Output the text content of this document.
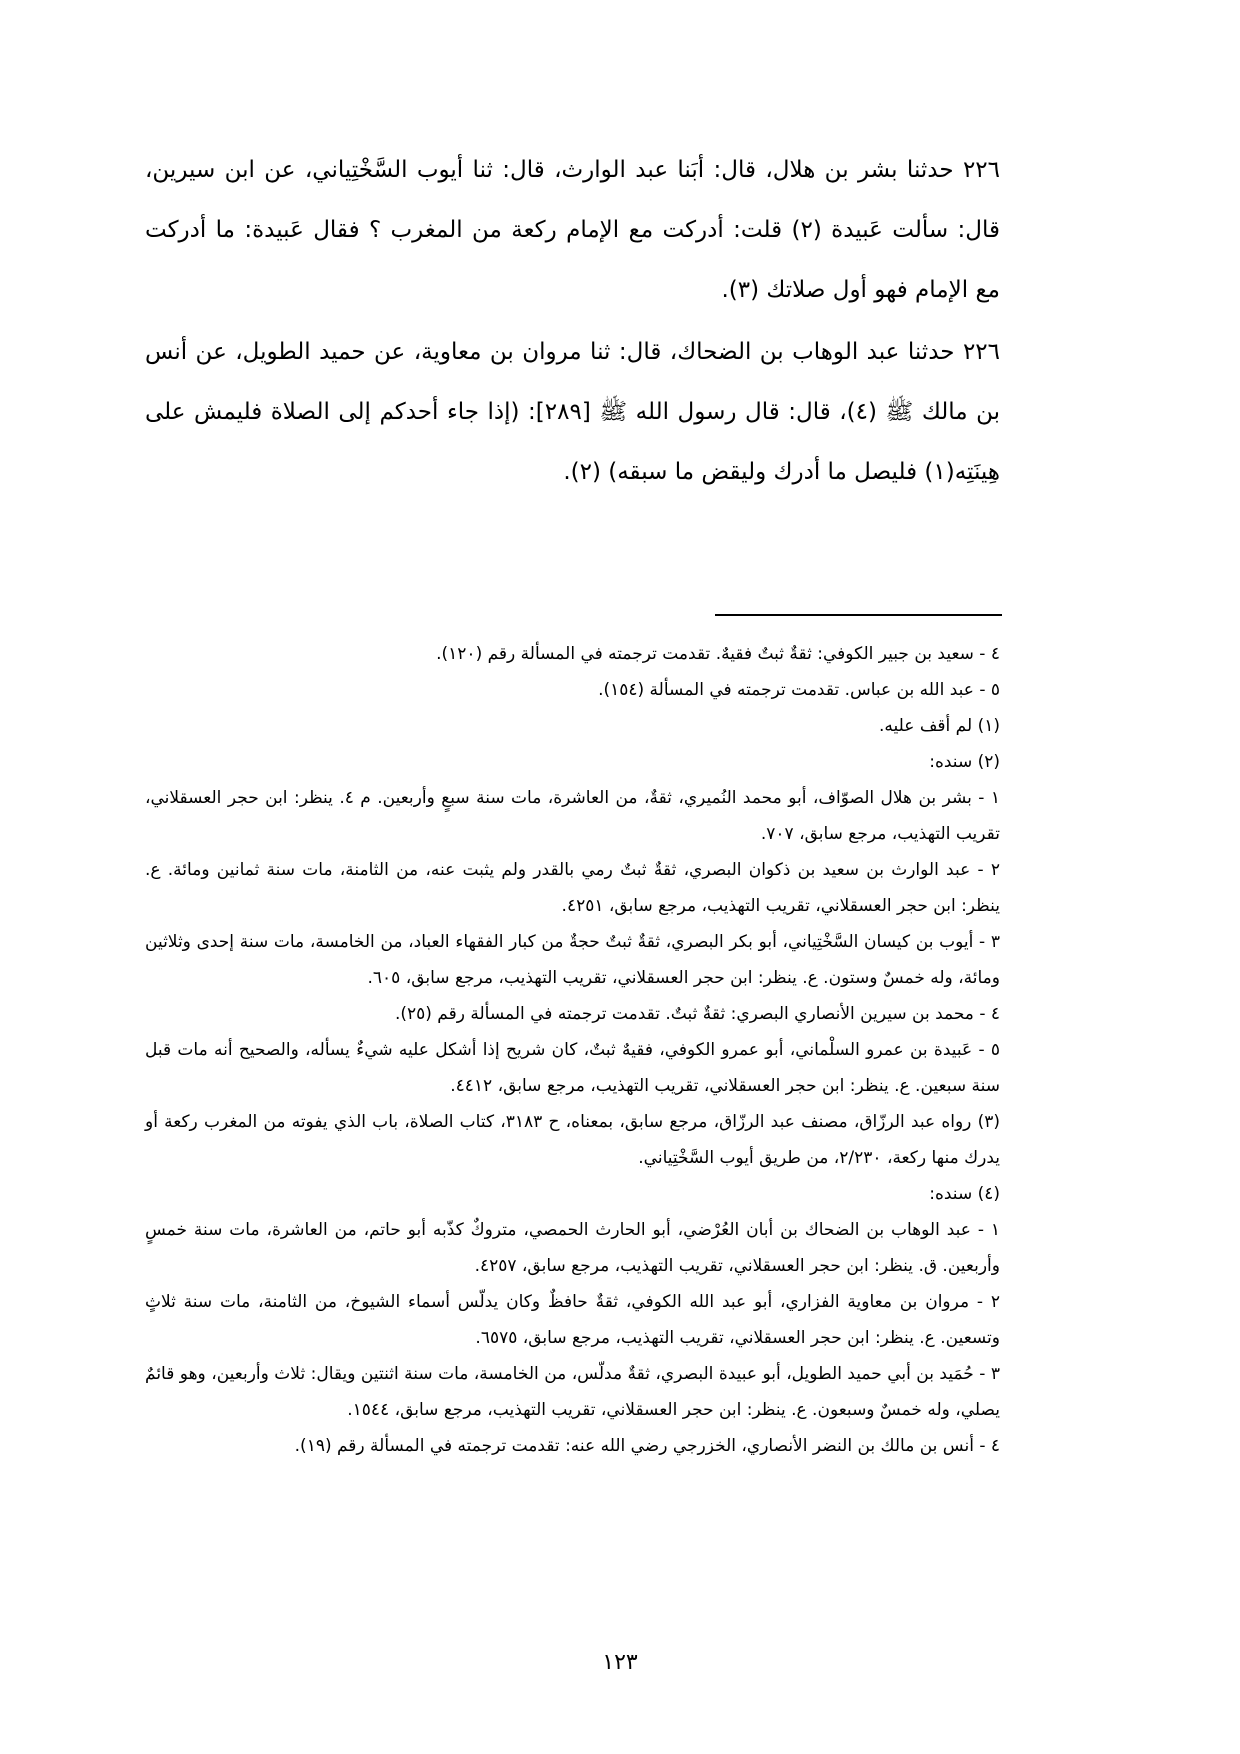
٢٢٦ حدثنا بشر بن هلال، قال: أبَنا عبد الوارث، قال: ثنا أيوب السَّخْتِياني، عن ابن سيرين، قال: سألت عَبيدة (٢) قلت: أدركت مع الإمام ركعة من المغرب ؟ فقال عَبيدة: ما أدركت مع الإمام فهو أول صلاتك (٣).

٢٢٦ حدثنا عبد الوهاب بن الضحاك، قال: ثنا مروان بن معاوية، عن حميد الطويل، عن أنس بن مالك ﷺ (٤)، قال: قال رسول الله ﷺ [٢٨٩]: (إذا جاء أحدكم إلى الصلاة فليمش على هِينَتِه(١) فليصل ما أدرك وليقض ما سبقه) (٢).

٤ - سعيد بن جبير الكوفي: ثقةٌ ثبتٌ فقيهٌ. تقدمت ترجمته في المسألة رقم (١٢٠).

٥ - عبد الله بن عباس. تقدمت ترجمته في المسألة (١٥٤).

(١) لم أقف عليه.

(٢) سنده:

١ - بشر بن هلال الصوّاف، أبو محمد النُميري، ثقةٌ، من العاشرة، مات سنة سبعٍ وأربعين. م ٤. ينظر: ابن حجر العسقلاني، تقريب التهذيب، مرجع سابق، ٧٠٧.

٢ - عبد الوارث بن سعيد بن ذكوان البصري، ثقةٌ ثبتٌ رمي بالقدر ولم يثبت عنه، من الثامنة، مات سنة ثمانين ومائة. ع. ينظر: ابن حجر العسقلاني، تقريب التهذيب، مرجع سابق، ٤٢٥١.

٣ - أيوب بن كيسان السَّخْتِياني، أبو بكر البصري، ثقةٌ ثبتٌ حجةٌ من كبار الفقهاء العباد، من الخامسة، مات سنة إحدى وثلاثين ومائة، وله خمسٌ وستون. ع. ينظر: ابن حجر العسقلاني، تقريب التهذيب، مرجع سابق، ٦٠٥.

٤ - محمد بن سيرين الأنصاري البصري: ثقةٌ ثبتٌ. تقدمت ترجمته في المسألة رقم (٢٥).

٥ - عَبيدة بن عمرو السلْماني، أبو عمرو الكوفي، فقيهٌ ثبتٌ، كان شريح إذا أشكل عليه شيءٌ يسأله، والصحيح أنه مات قبل سنة سبعين. ع. ينظر: ابن حجر العسقلاني، تقريب التهذيب، مرجع سابق، ٤٤١٢.

(٣) رواه عبد الرزّاق، مصنف عبد الرزّاق، مرجع سابق، بمعناه، ح ٣١٨٣، كتاب الصلاة، باب الذي يفوته من المغرب ركعة أو يدرك منها ركعة، ٢/٢٣٠، من طريق أيوب السَّخْتِياني.

(٤) سنده:

١ - عبد الوهاب بن الضحاك بن أبان العُرْضي، أبو الحارث الحمصي، متروكٌ كذّبه أبو حاتم، من العاشرة، مات سنة خمسٍ وأربعين. ق. ينظر: ابن حجر العسقلاني، تقريب التهذيب، مرجع سابق، ٤٢٥٧.

٢ - مروان بن معاوية الفزاري، أبو عبد الله الكوفي، ثقةٌ حافظٌ وكان يدلّس أسماء الشيوخ، من الثامنة، مات سنة ثلاثٍ وتسعين. ع. ينظر: ابن حجر العسقلاني، تقريب التهذيب، مرجع سابق، ٦٥٧٥.

٣ - حُمَيد بن أبي حميد الطويل، أبو عبيدة البصري، ثقةٌ مدلّس، من الخامسة، مات سنة اثنتين ويقال: ثلاث وأربعين، وهو قائمٌ يصلي، وله خمسٌ وسبعون. ع. ينظر: ابن حجر العسقلاني، تقريب التهذيب، مرجع سابق، ١٥٤٤.

٤ - أنس بن مالك بن النضر الأنصاري، الخزرجي رضي الله عنه: تقدمت ترجمته في المسألة رقم (١٩).

١٢٣
